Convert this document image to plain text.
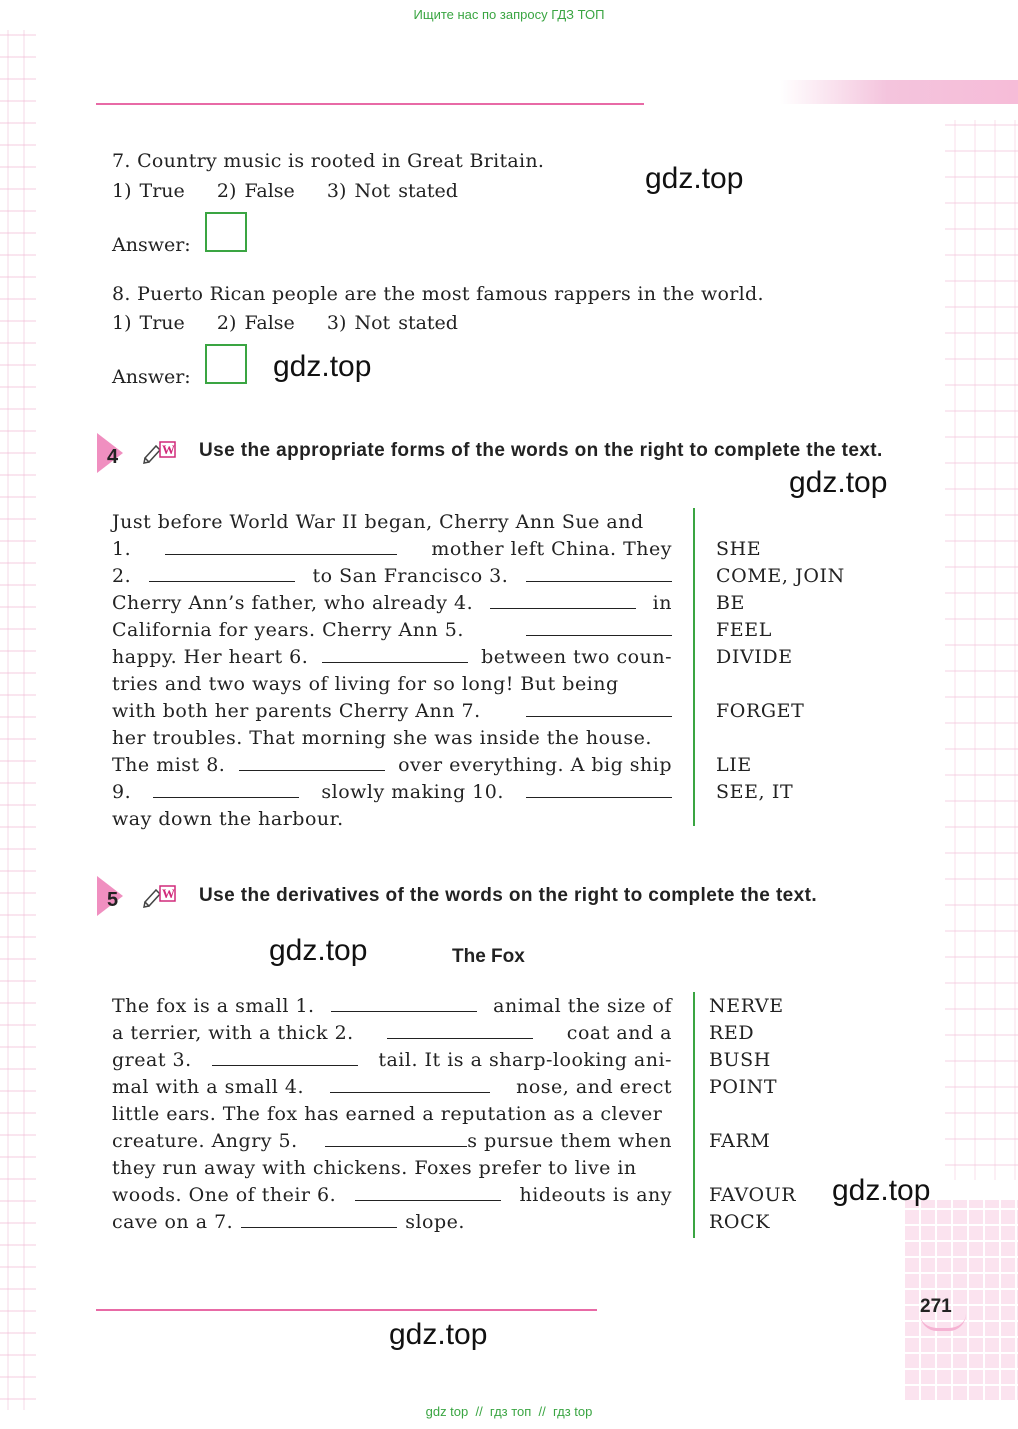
Ищите нас по запросу ГДЗ ТОП
7. Country music is rooted in Great Britain.
1) True    2) False    3) Not stated
Answer:
8. Puerto Rican people are the most famous rappers in the world.
1) True    2) False    3) Not stated
Answer:
gdz.top
gdz.top
gdz.top
gdz.top
gdz.top
gdz.top
4	W Use the appropriate forms of the words on the right to complete the text.
Just before World War II began, Cherry Ann Sue and
1.	mother left China. They
2.	to San Francisco 3.
Cherry Ann’s father, who already 4.	in
California for years. Cherry Ann 5.
happy. Her heart 6.	between two coun-
tries and two ways of living for so long! But being
with both her parents Cherry Ann 7.
her troubles. That morning she was inside the house.
The mist 8.	over everything. A big ship
9.	slowly making 10.
way down the harbour.
SHE
COME, JOIN
BE
FEEL
DIVIDE
FORGET
LIE
SEE, IT
5	W Use the derivatives of the words on the right to complete the text.
The Fox
The fox is a small 1.	animal the size of
a terrier, with a thick 2.	coat and a
great 3.	tail. It is a sharp-looking ani-
mal with a small 4.	nose, and erect
little ears. The fox has earned a reputation as a clever
creature. Angry 5.	s pursue them when
they run away with chickens. Foxes prefer to live in
woods. One of their 6.	hideouts is any
cave on a 7.	slope.
NERVE
RED
BUSH
POINT
FARM
FAVOUR
ROCK
271
gdz top  //  гдз топ  //  гдз top
